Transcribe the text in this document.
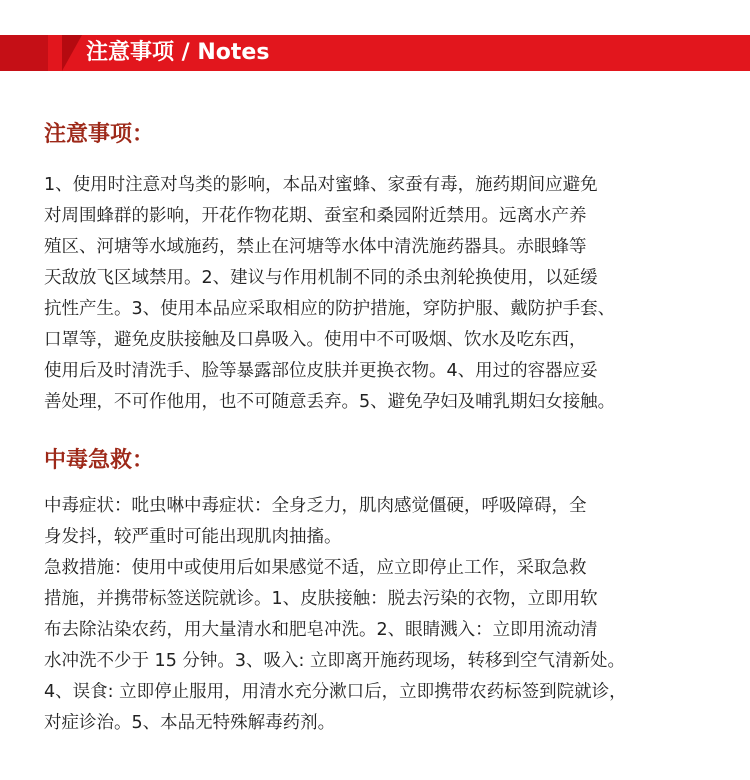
注意事项 / Notes
注意事项：
1、使用时注意对鸟类的影响，本品对蜜蜂、家蚕有毒，施药期间应避免
对周围蜂群的影响，开花作物花期、蚕室和桑园附近禁用。远离水产养
殖区、河塘等水域施药，禁止在河塘等水体中清洗施药器具。赤眼蜂等
天敌放飞区域禁用。2、建议与作用机制不同的杀虫剂轮换使用，以延缓
抗性产生。3、使用本品应采取相应的防护措施，穿防护服、戴防护手套、
口罩等，避免皮肤接触及口鼻吸入。使用中不可吸烟、饮水及吃东西，
使用后及时清洗手、脸等暴露部位皮肤并更换衣物。4、用过的容器应妥
善处理，不可作他用，也不可随意丢弃。5、避免孕妇及哺乳期妇女接触。
中毒急救：
中毒症状：吡虫啉中毒症状：全身乏力，肌肉感觉僵硬，呼吸障碍，全
身发抖，较严重时可能出现肌肉抽搐。
急救措施：使用中或使用后如果感觉不适，应立即停止工作，采取急救
措施，并携带标签送院就诊。1、皮肤接触：脱去污染的衣物，立即用软
布去除沾染农药，用大量清水和肥皂冲洗。2、眼睛溅入：立即用流动清
水冲洗不少于 15 分钟。3、吸入: 立即离开施药现场，转移到空气清新处。
4、误食: 立即停止服用，用清水充分漱口后，立即携带农药标签到院就诊，
对症诊治。5、本品无特殊解毒药剂。
